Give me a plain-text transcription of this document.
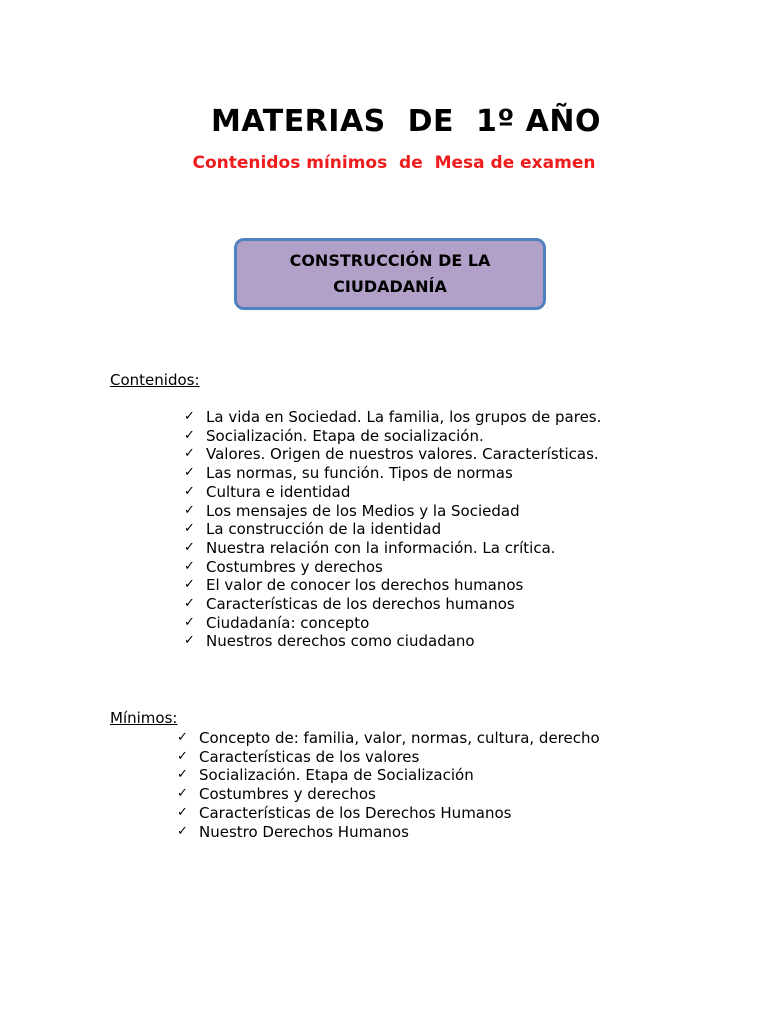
MATERIAS  DE  1º AÑO
Contenidos mínimos  de  Mesa de examen
CONSTRUCCIÓN DE LA CIUDADANÍA

Contenidos:

✓ La vida en Sociedad. La familia, los grupos de pares.
✓ Socialización. Etapa de socialización.
✓ Valores. Origen de nuestros valores. Características.
✓ Las normas, su función. Tipos de normas
✓ Cultura e identidad
✓ Los mensajes de los Medios y la Sociedad
✓ La construcción de la identidad
✓ Nuestra relación con la información. La crítica.
✓ Costumbres y derechos
✓ El valor de conocer los derechos humanos
✓ Características de los derechos humanos
✓ Ciudadanía: concepto
✓ Nuestros derechos como ciudadano

Mínimos:

✓ Concepto de: familia, valor, normas, cultura, derecho
✓ Características de los valores
✓ Socialización. Etapa de Socialización
✓ Costumbres y derechos
✓ Características de los Derechos Humanos
✓ Nuestro Derechos Humanos
